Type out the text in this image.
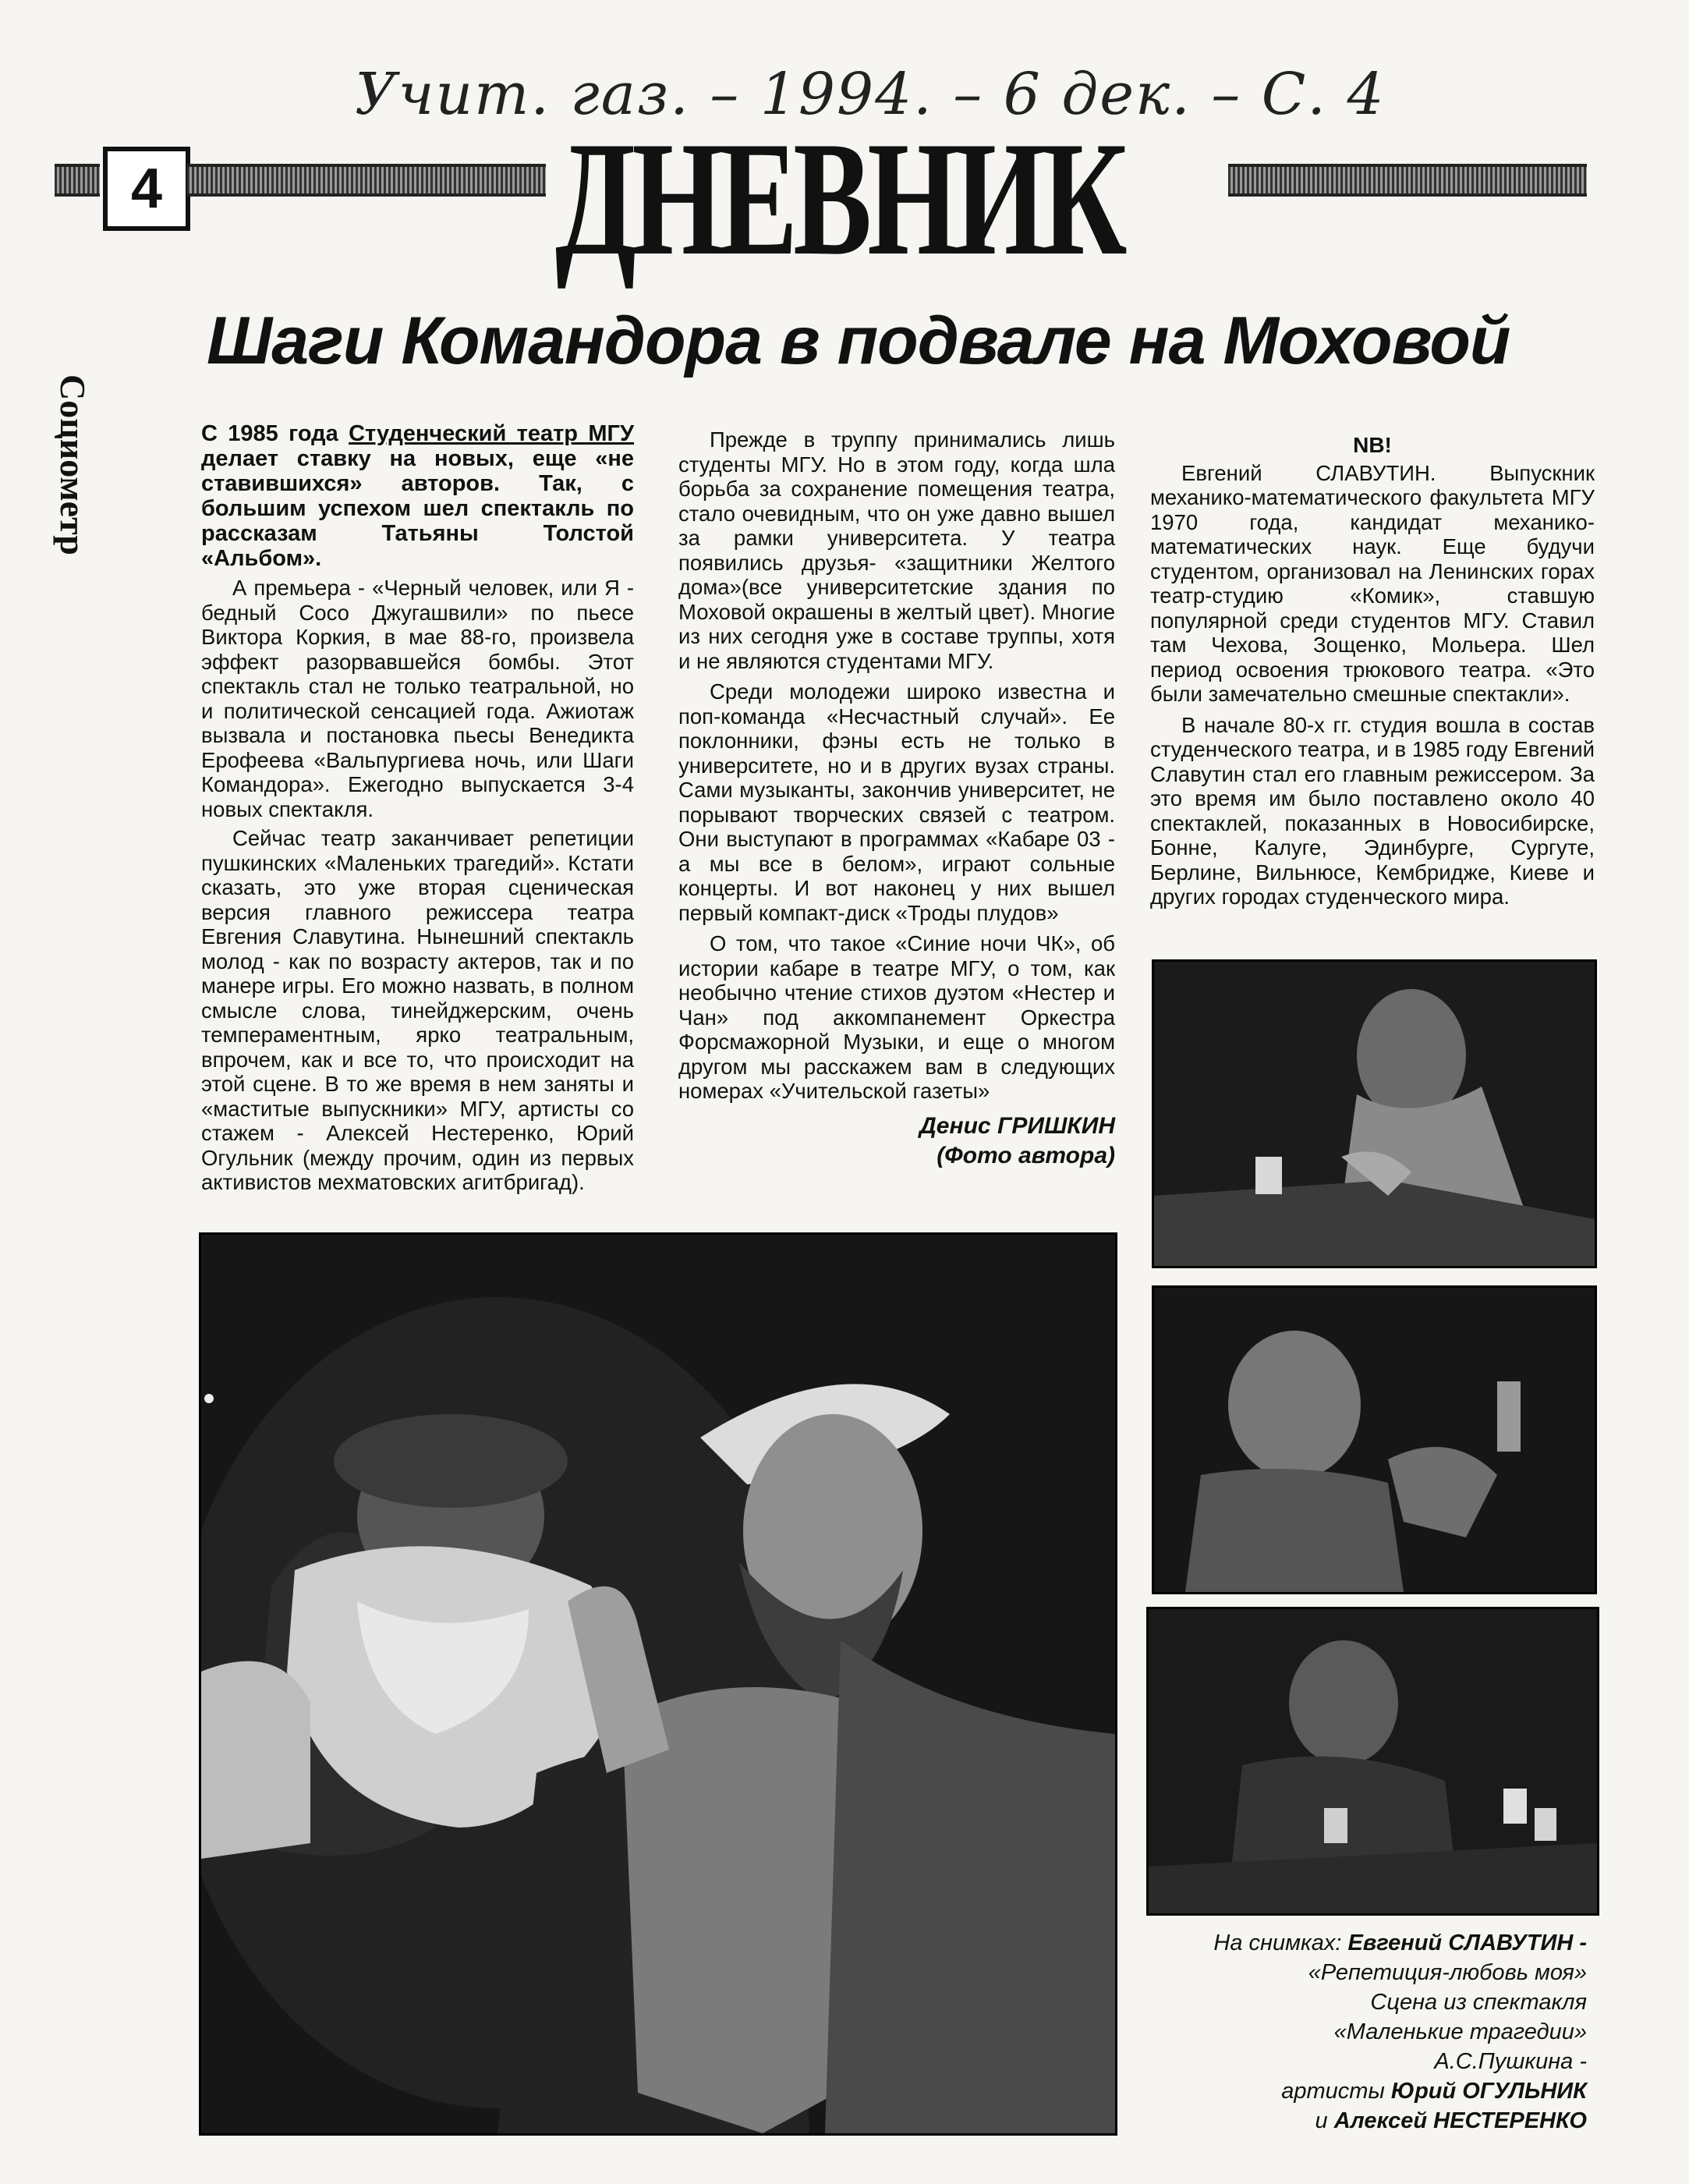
Учит. газ. – 1994. – 6 дек. – С. 4
4 ДНЕВНИК
Социометр
Шаги Командора в подвале на Моховой

С 1985 года Студенческий театр МГУ делает ставку на новых, еще «не ставившихся» авторов. Так, с большим успехом шел спектакль по рассказам Татьяны Толстой «Альбом».

А премьера - «Черный человек, или Я - бедный Сосо Джугашвили» по пьесе Виктора Коркия, в мае 88-го, произвела эффект разорвавшейся бомбы. Этот спектакль стал не только театральной, но и политической сенсацией года. Ажиотаж вызвала и постановка пьесы Венедикта Ерофеева «Вальпургиева ночь, или Шаги Командора». Ежегодно выпускается 3-4 новых спектакля.

Сейчас театр заканчивает репетиции пушкинских «Маленьких трагедий». Кстати сказать, это уже вторая сценическая версия главного режиссера театра Евгения Славутина. Нынешний спектакль молод - как по возрасту актеров, так и по манере игры. Его можно назвать, в полном смысле слова, тинейджерским, очень темпераментным, ярко театральным, впрочем, как и все то, что происходит на этой сцене. В то же время в нем заняты и «маститые выпускники» МГУ, артисты со стажем - Алексей Нестеренко, Юрий Огульник (между прочим, один из первых активистов мехматовских агитбригад).

Прежде в труппу принимались лишь студенты МГУ. Но в этом году, когда шла борьба за сохранение помещения театра, стало очевидным, что он уже давно вышел за рамки университета. У театра появились друзья- «защитники Желтого дома»(все университетские здания по Моховой окрашены в желтый цвет). Многие из них сегодня уже в составе труппы, хотя и не являются студентами МГУ.

Среди молодежи широко известна и поп-команда «Несчастный случай». Ее поклонники, фэны есть не только в университете, но и в других вузах страны. Сами музыканты, закончив университет, не порывают творческих связей с театром. Они выступают в программах «Кабаре 03 - а мы все в белом», играют сольные концерты. И вот наконец у них вышел первый компакт-диск «Троды плудов»

О том, что такое «Синие ночи ЧК», об истории кабаре в театре МГУ, о том, как необычно чтение стихов дуэтом «Нестер и Чан» под аккомпанемент Оркестра Форсмажорной Музыки, и еще о многом другом мы расскажем вам в следующих номерах «Учительской газеты»

Денис ГРИШКИН
(Фото автора)
NB!

Евгений СЛАВУТИН. Выпускник механико-математического факультета МГУ 1970 года, кандидат механико-математических наук. Еще будучи студентом, организовал на Ленинских горах театр-студию «Комик», ставшую популярной среди студентов МГУ. Ставил там Чехова, Зощенко, Мольера. Шел период освоения трюкового театра. «Это были замечательно смешные спектакли».

В начале 80-х гг. студия вошла в состав студенческого театра, и в 1985 году Евгений Славутин стал его главным режиссером. За это время им было поставлено около 40 спектаклей, показанных в Новосибирске, Бонне, Калуге, Эдинбурге, Сургуте, Берлине, Вильнюсе, Кембридже, Киеве и других городах студенческого мира.

На снимках: Евгений СЛАВУТИН -
«Репетиция-любовь моя»
Сцена из спектакля
«Маленькие трагедии»
А.С.Пушкина -
артисты Юрий ОГУЛЬНИК
и Алексей НЕСТЕРЕНКО
